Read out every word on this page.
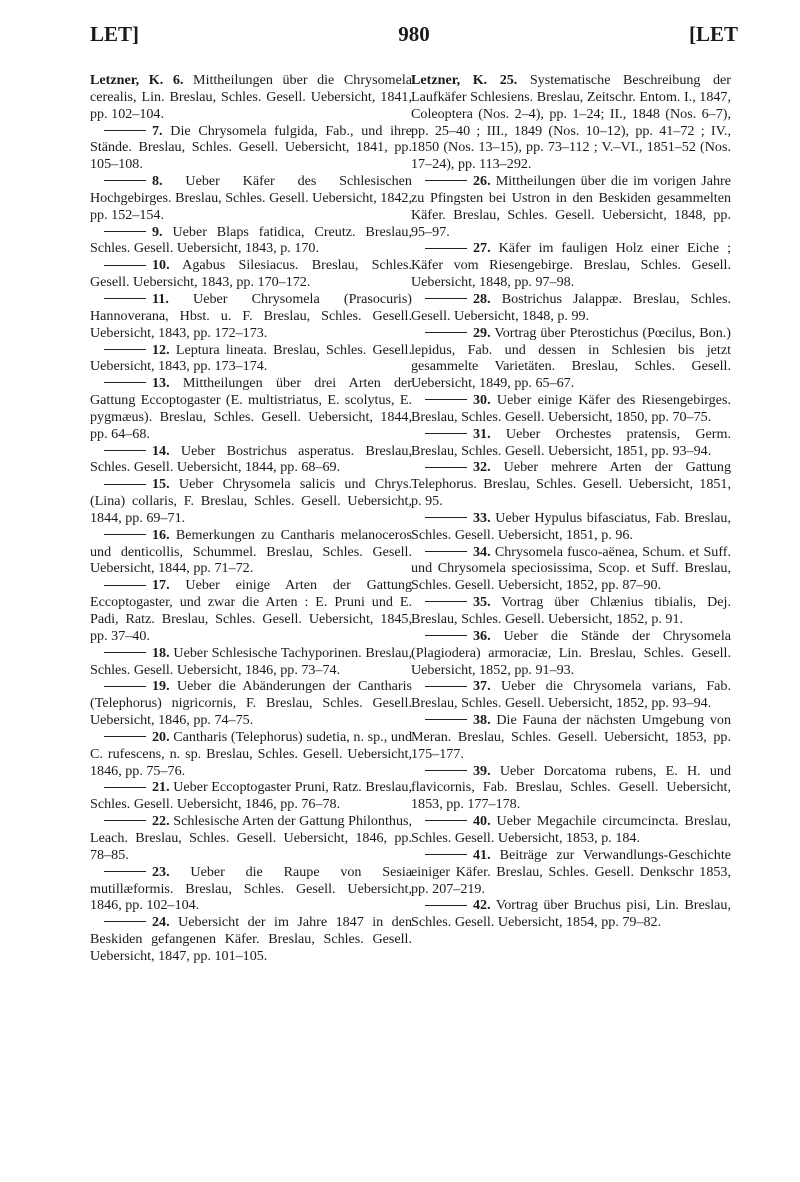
LET]	980	[LET

Letzner, K. 6. Mittheilungen über die Chrysomela cerealis, Lin. Breslau, Schles. Gesell. Uebersicht, 1841, pp. 102–104.

7. Die Chrysomela fulgida, Fab., und ihre Stände. Breslau, Schles. Gesell. Uebersicht, 1841, pp. 105–108.

8. Ueber Käfer des Schlesischen Hochgebirges. Breslau, Schles. Gesell. Uebersicht, 1842, pp. 152–154.

9. Ueber Blaps fatidica, Creutz. Breslau, Schles. Gesell. Uebersicht, 1843, p. 170.

10. Agabus Silesiacus. Breslau, Schles. Gesell. Uebersicht, 1843, pp. 170–172.

11. Ueber Chrysomela (Prasocuris) Hannoverana, Hbst. u. F. Breslau, Schles. Gesell. Uebersicht, 1843, pp. 172–173.

12. Leptura lineata. Breslau, Schles. Gesell. Uebersicht, 1843, pp. 173–174.

13. Mittheilungen über drei Arten der Gattung Eccoptogaster (E. multistriatus, E. scolytus, E. pygmæus). Breslau, Schles. Gesell. Uebersicht, 1844, pp. 64–68.

14. Ueber Bostrichus asperatus. Breslau, Schles. Gesell. Uebersicht, 1844, pp. 68–69.

15. Ueber Chrysomela salicis und Chrys. (Lina) collaris, F. Breslau, Schles. Gesell. Uebersicht, 1844, pp. 69–71.

16. Bemerkungen zu Cantharis melanoceros und denticollis, Schummel. Breslau, Schles. Gesell. Uebersicht, 1844, pp. 71–72.

17. Ueber einige Arten der Gattung Eccoptogaster, und zwar die Arten : E. Pruni und E. Padi, Ratz. Breslau, Schles. Gesell. Uebersicht, 1845, pp. 37–40.

18. Ueber Schlesische Tachyporinen. Breslau, Schles. Gesell. Uebersicht, 1846, pp. 73–74.

19. Ueber die Abänderungen der Cantharis (Telephorus) nigricornis, F. Breslau, Schles. Gesell. Uebersicht, 1846, pp. 74–75.

20. Cantharis (Telephorus) sudetia, n. sp., und C. rufescens, n. sp. Breslau, Schles. Gesell. Uebersicht, 1846, pp. 75–76.

21. Ueber Eccoptogaster Pruni, Ratz. Breslau, Schles. Gesell. Uebersicht, 1846, pp. 76–78.

22. Schlesische Arten der Gattung Philonthus, Leach. Breslau, Schles. Gesell. Uebersicht, 1846, pp. 78–85.

23. Ueber die Raupe von Sesia mutillæformis. Breslau, Schles. Gesell. Uebersicht, 1846, pp. 102–104.

24. Uebersicht der im Jahre 1847 in den Beskiden gefangenen Käfer. Breslau, Schles. Gesell. Uebersicht, 1847, pp. 101–105.

Letzner, K. 25. Systematische Beschreibung der Laufkäfer Schlesiens. Breslau, Zeitschr. Entom. I., 1847, Coleoptera (Nos. 2–4), pp. 1–24; II., 1848 (Nos. 6–7), pp. 25–40 ; III., 1849 (Nos. 10–12), pp. 41–72 ; IV., 1850 (Nos. 13–15), pp. 73–112 ; V.–VI., 1851–52 (Nos. 17–24), pp. 113–292.

26. Mittheilungen über die im vorigen Jahre zu Pfingsten bei Ustron in den Beskiden gesammelten Käfer. Breslau, Schles. Gesell. Uebersicht, 1848, pp. 95–97.

27. Käfer im fauligen Holz einer Eiche ; Käfer vom Riesengebirge. Breslau, Schles. Gesell. Uebersicht, 1848, pp. 97–98.

28. Bostrichus Jalappæ. Breslau, Schles. Gesell. Uebersicht, 1848, p. 99.

29. Vortrag über Pterostichus (Pœcilus, Bon.) lepidus, Fab. und dessen in Schlesien bis jetzt gesammelte Varietäten. Breslau, Schles. Gesell. Uebersicht, 1849, pp. 65–67.

30. Ueber einige Käfer des Riesengebirges. Breslau, Schles. Gesell. Uebersicht, 1850, pp. 70–75.

31. Ueber Orchestes pratensis, Germ. Breslau, Schles. Gesell. Uebersicht, 1851, pp. 93–94.

32. Ueber mehrere Arten der Gattung Telephorus. Breslau, Schles. Gesell. Uebersicht, 1851, p. 95.

33. Ueber Hypulus bifasciatus, Fab. Breslau, Schles. Gesell. Uebersicht, 1851, p. 96.

34. Chrysomela fusco-aënea, Schum. et Suff. und Chrysomela speciosissima, Scop. et Suff. Breslau, Schles. Gesell. Uebersicht, 1852, pp. 87–90.

35. Vortrag über Chlænius tibialis, Dej. Breslau, Schles. Gesell. Uebersicht, 1852, p. 91.

36. Ueber die Stände der Chrysomela (Plagiodera) armoraciæ, Lin. Breslau, Schles. Gesell. Uebersicht, 1852, pp. 91–93.

37. Ueber die Chrysomela varians, Fab. Breslau, Schles. Gesell. Uebersicht, 1852, pp. 93–94.

38. Die Fauna der nächsten Umgebung von Meran. Breslau, Schles. Gesell. Uebersicht, 1853, pp. 175–177.

39. Ueber Dorcatoma rubens, E. H. und flavicornis, Fab. Breslau, Schles. Gesell. Uebersicht, 1853, pp. 177–178.

40. Ueber Megachile circumcincta. Breslau, Schles. Gesell. Uebersicht, 1853, p. 184.

41. Beiträge zur Verwandlungs-Geschichte einiger Käfer. Breslau, Schles. Gesell. Denkschr 1853, pp. 207–219.

42. Vortrag über Bruchus pisi, Lin. Breslau, Schles. Gesell. Uebersicht, 1854, pp. 79–82.
